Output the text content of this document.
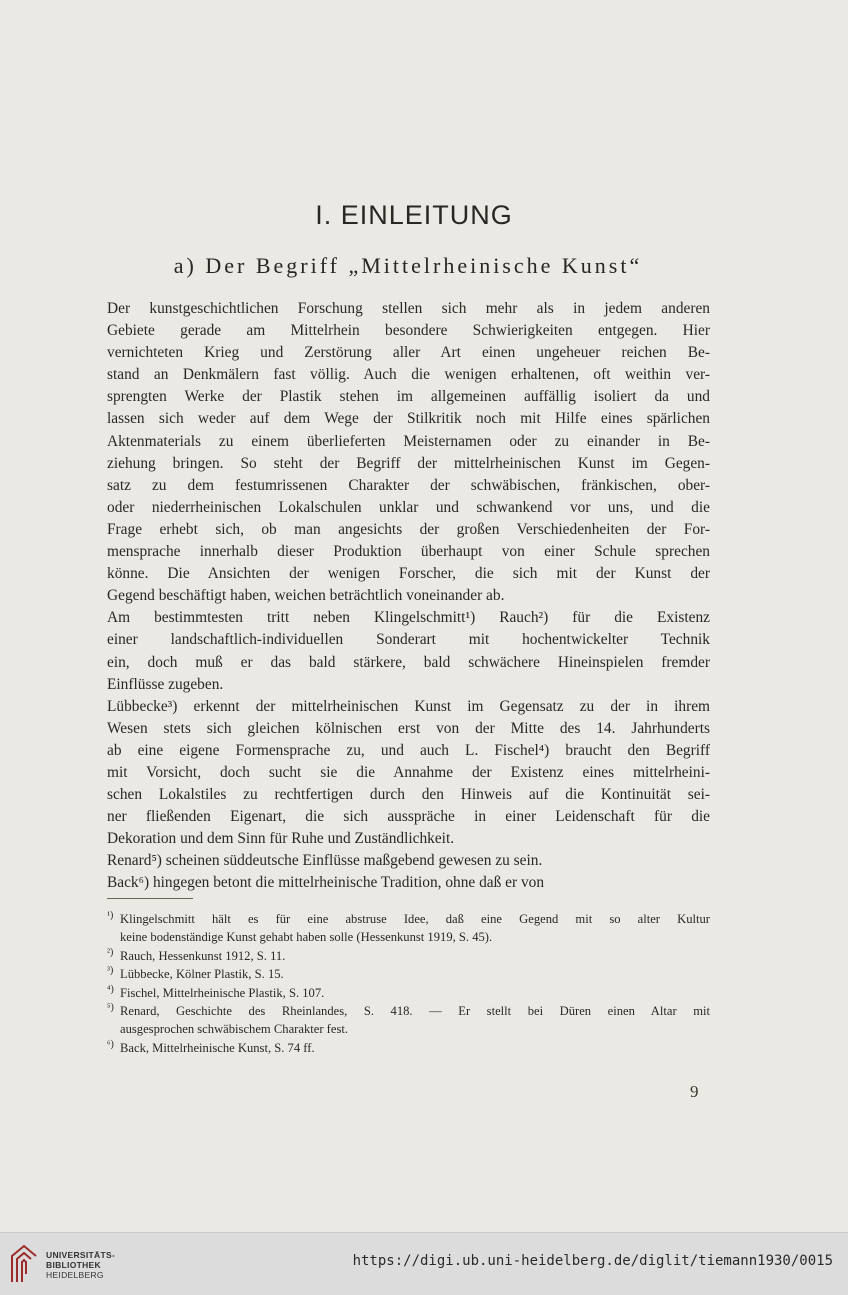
I. EINLEITUNG
a) Der Begriff „Mittelrheinische Kunst“

Der kunstgeschichtlichen Forschung stellen sich mehr als in jedem anderen
Gebiete gerade am Mittelrhein besondere Schwierigkeiten entgegen. Hier
vernichteten Krieg und Zerstörung aller Art einen ungeheuer reichen Be-
stand an Denkmälern fast völlig. Auch die wenigen erhaltenen, oft weithin ver-
sprengten Werke der Plastik stehen im allgemeinen auffällig isoliert da und
lassen sich weder auf dem Wege der Stilkritik noch mit Hilfe eines spärlichen
Aktenmaterials zu einem überlieferten Meisternamen oder zu einander in Be-
ziehung bringen. So steht der Begriff der mittelrheinischen Kunst im Gegen-
satz zu dem festumrissenen Charakter der schwäbischen, fränkischen, ober-
oder niederrheinischen Lokalschulen unklar und schwankend vor uns, und die
Frage erhebt sich, ob man angesichts der großen Verschiedenheiten der For-
mensprache innerhalb dieser Produktion überhaupt von einer Schule sprechen
könne. Die Ansichten der wenigen Forscher, die sich mit der Kunst der
Gegend beschäftigt haben, weichen beträchtlich voneinander ab.

Am bestimmtesten tritt neben Klingelschmitt¹) Rauch²) für die Existenz
einer landschaftlich-individuellen Sonderart mit hochentwickelter Technik
ein, doch muß er das bald stärkere, bald schwächere Hineinspielen fremder
Einflüsse zugeben.

Lübbecke³) erkennt der mittelrheinischen Kunst im Gegensatz zu der in ihrem
Wesen stets sich gleichen kölnischen erst von der Mitte des 14. Jahrhunderts
ab eine eigene Formensprache zu, und auch L. Fischel⁴) braucht den Begriff
mit Vorsicht, doch sucht sie die Annahme der Existenz eines mittelrheini-
schen Lokalstiles zu rechtfertigen durch den Hinweis auf die Kontinuität sei-
ner fließenden Eigenart, die sich ausspräche in einer Leidenschaft für die
Dekoration und dem Sinn für Ruhe und Zuständlichkeit.

Renard⁵) scheinen süddeutsche Einflüsse maßgebend gewesen zu sein.

Back⁶) hingegen betont die mittelrheinische Tradition, ohne daß er von

¹) Klingelschmitt hält es für eine abstruse Idee, daß eine Gegend mit so alter Kultur
keine bodenständige Kunst gehabt haben solle (Hessenkunst 1919, S. 45).
²) Rauch, Hessenkunst 1912, S. 11.
³) Lübbecke, Kölner Plastik, S. 15.
⁴) Fischel, Mittelrheinische Plastik, S. 107.
⁵) Renard, Geschichte des Rheinlandes, S. 418. — Er stellt bei Düren einen Altar mit
ausgesprochen schwäbischem Charakter fest.
⁶) Back, Mittelrheinische Kunst, S. 74 ff.
9
UNIVERSITÄTS-
BIBLIOTHEK
HEIDELBERG
https://digi.ub.uni-heidelberg.de/diglit/tiemann1930/0015
